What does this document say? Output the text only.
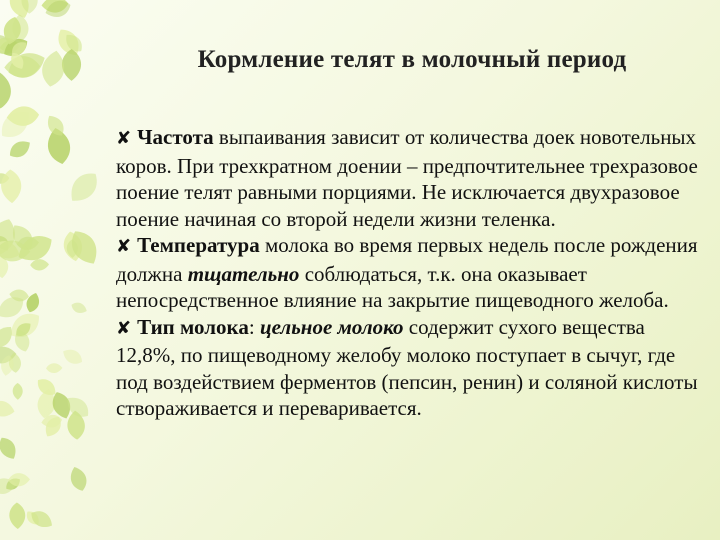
Кормление телят в молочный период

✘ Частота выпаивания зависит от количества доек новотельных коров. При трехкратном доении – предпочтительнее трехразовое поение телят равными порциями. Не исключается двухразовое поение начиная со второй недели жизни теленка.

✘ Температура молока во время первых недель после рождения должна тщательно соблюдаться, т.к. она оказывает непосредственное влияние на закрытие пищеводного желоба.

✘ Тип молока: цельное молоко содержит сухого вещества 12,8%, по пищеводному желобу молоко поступает в сычуг, где под воздействием ферментов (пепсин, ренин) и соляной кислоты створаживается и переваривается.
